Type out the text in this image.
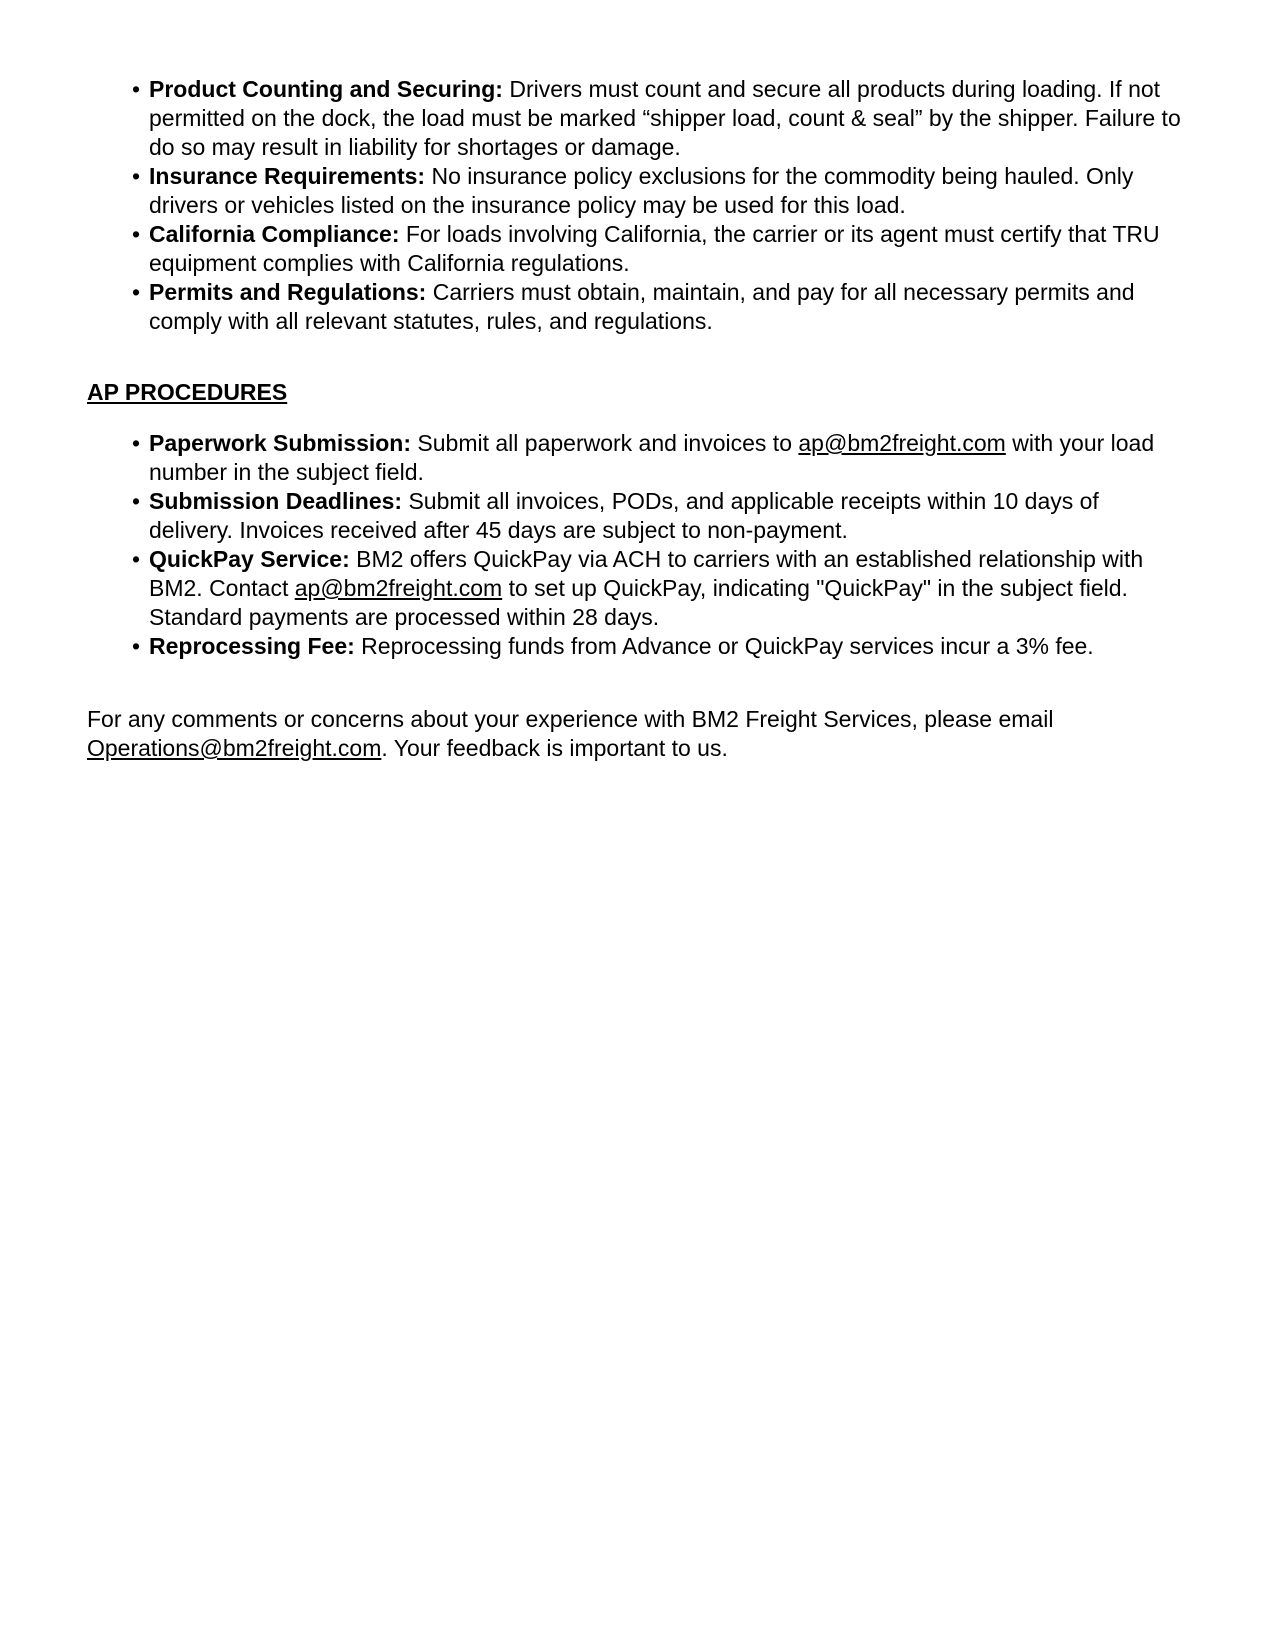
• Product Counting and Securing: Drivers must count and secure all products during loading. If not permitted on the dock, the load must be marked “shipper load, count & seal” by the shipper. Failure to do so may result in liability for shortages or damage.
• Insurance Requirements: No insurance policy exclusions for the commodity being hauled. Only drivers or vehicles listed on the insurance policy may be used for this load.
• California Compliance: For loads involving California, the carrier or its agent must certify that TRU equipment complies with California regulations.
• Permits and Regulations: Carriers must obtain, maintain, and pay for all necessary permits and comply with all relevant statutes, rules, and regulations.
AP PROCEDURES
• Paperwork Submission: Submit all paperwork and invoices to ap@bm2freight.com with your load number in the subject field.
• Submission Deadlines: Submit all invoices, PODs, and applicable receipts within 10 days of delivery. Invoices received after 45 days are subject to non-payment.
• QuickPay Service: BM2 offers QuickPay via ACH to carriers with an established relationship with BM2. Contact ap@bm2freight.com to set up QuickPay, indicating "QuickPay" in the subject field. Standard payments are processed within 28 days.
• Reprocessing Fee: Reprocessing funds from Advance or QuickPay services incur a 3% fee.

For any comments or concerns about your experience with BM2 Freight Services, please email Operations@bm2freight.com. Your feedback is important to us.
